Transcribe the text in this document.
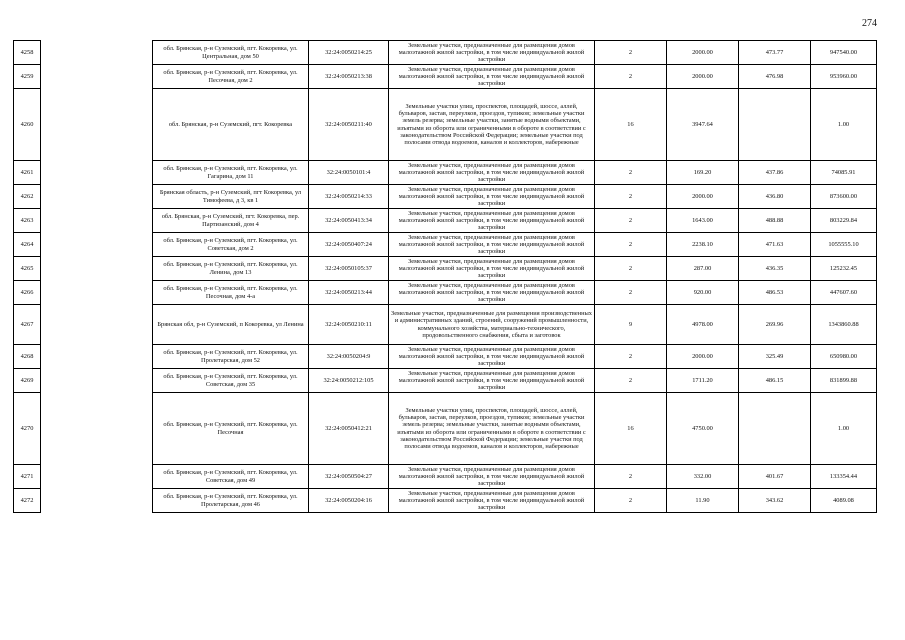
274
4258		обл. Брянская, р-н Суземский, пгт. Кокоревка, ул. Центральная, дом 50	32:24:0050214:25	Земельные участки, предназначенные для размещения домов малоэтажной жилой застройки, в том числе индивидуальной жилой застройки	2	2000.00	473.77	947540.00
4259		обл. Брянская, р-н Суземский, пгт. Кокоревка, ул. Песочная, дом 2	32:24:0050213:38	Земельные участки, предназначенные для размещения домов малоэтажной жилой застройки, в том числе индивидуальной жилой застройки	2	2000.00	476.98	953960.00
4260		обл. Брянская, р-н Суземский, пгт. Кокоревка	32:24:0050211:40	Земельные участки улиц, проспектов, площадей, шоссе, аллей, бульваров, застав, переулков, проездов, тупиков; земельные участки земель резерва; земельные участки, занятые водными объектами, изъятыми из оборота или ограниченными в обороте в соответствии с законодательством Российской Федерации; земельные участки под полосами отвода водоемов, каналов и коллекторов, набережные	16	3947.64		1.00
4261		обл. Брянская, р-н Суземский, пгт. Кокоревка, ул. Гагарина, дом 11	32:24:0050101:4	Земельные участки, предназначенные для размещения домов малоэтажной жилой застройки, в том числе индивидуальной жилой застройки	2	169.20	437.86	74085.91
4262		Брянская область, р-н Суземский, пгт Кокоревка, ул Тимофеева, д 3, кв 1	32:24:0050214:33	Земельные участки, предназначенные для размещения домов малоэтажной жилой застройки, в том числе индивидуальной жилой застройки	2	2000.00	436.80	873600.00
4263		обл. Брянская, р-н Суземский, пгт. Кокоревка, пер. Партизанский, дом 4	32:24:0050413:34	Земельные участки, предназначенные для размещения домов малоэтажной жилой застройки, в том числе индивидуальной жилой застройки	2	1643.00	488.88	803229.84
4264		обл. Брянская, р-н Суземский, пгт. Кокоревка, ул. Советская, дом 2	32:24:0050407:24	Земельные участки, предназначенные для размещения домов малоэтажной жилой застройки, в том числе индивидуальной жилой застройки	2	2238.10	471.63	1055555.10
4265		обл. Брянская, р-н Суземский, пгт. Кокоревка, ул. Ленина, дом 13	32:24:0050105:37	Земельные участки, предназначенные для размещения домов малоэтажной жилой застройки, в том числе индивидуальной жилой застройки	2	287.00	436.35	125232.45
4266		обл. Брянская, р-н Суземский, пгт. Кокоревка, ул. Песочная, дом 4-а	32:24:0050213:44	Земельные участки, предназначенные для размещения домов малоэтажной жилой застройки, в том числе индивидуальной жилой застройки	2	920.00	486.53	447607.60
4267		Брянская обл, р-н Суземский, п Кокоревка, ул Ленина	32:24:0050210:11	Земельные участки, предназначенные для размещения производственных и административных зданий, строений, сооружений промышленности, коммунального хозяйства, материально-технического, продовольственного снабжения, сбыта и заготовок	9	4978.00	269.96	1343860.88
4268		обл. Брянская, р-н Суземский, пгт. Кокоревка, ул. Пролетарская, дом 52	32:24:0050204:9	Земельные участки, предназначенные для размещения домов малоэтажной жилой застройки, в том числе индивидуальной жилой застройки	2	2000.00	325.49	650980.00
4269		обл. Брянская, р-н Суземский, пгт. Кокоревка, ул. Советская, дом 35	32:24:0050212:105	Земельные участки, предназначенные для размещения домов малоэтажной жилой застройки, в том числе индивидуальной жилой застройки	2	1711.20	486.15	831899.88
4270		обл. Брянская, р-н Суземский, пгт. Кокоревка, ул. Песочная	32:24:0050412:21	Земельные участки улиц, проспектов, площадей, шоссе, аллей, бульваров, застав, переулков, проездов, тупиков; земельные участки земель резерва; земельные участки, занятые водными объектами, изъятыми из оборота или ограниченными в обороте в соответствии с законодательством Российской Федерации; земельные участки под полосами отвода водоемов, каналов и коллекторов, набережные	16	4750.00		1.00
4271		обл. Брянская, р-н Суземский, пгт. Кокоревка, ул. Советская, дом 49	32:24:0050504:27	Земельные участки, предназначенные для размещения домов малоэтажной жилой застройки, в том числе индивидуальной жилой застройки	2	332.00	401.67	133354.44
4272		обл. Брянская, р-н Суземский, пгт. Кокоревка, ул. Пролетарская, дом 46	32:24:0050204:16	Земельные участки, предназначенные для размещения домов малоэтажной жилой застройки, в том числе индивидуальной жилой застройки	2	11.90	343.62	4089.08
